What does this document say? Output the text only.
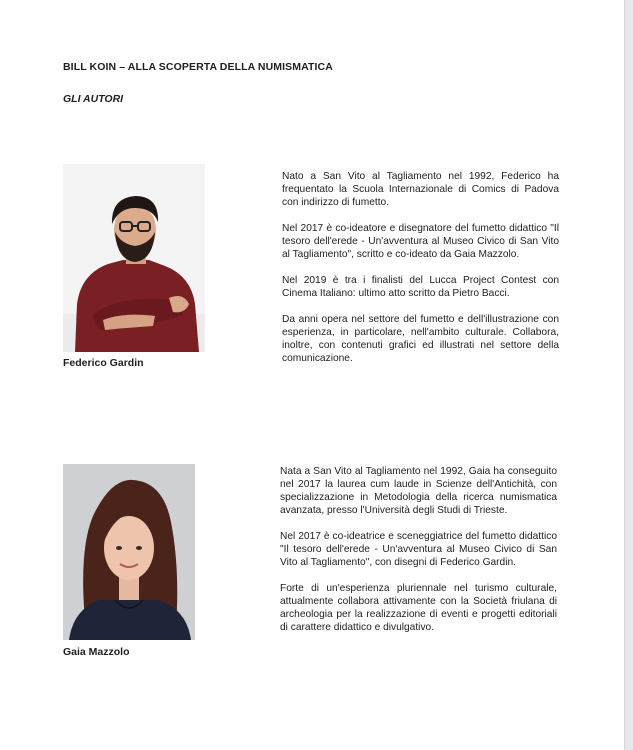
BILL KOIN – ALLA SCOPERTA DELLA NUMISMATICA
GLI AUTORI
Federico Gardin

Nato a San Vito al Tagliamento nel 1992, Federico ha frequentato la Scuola Internazionale di Comics di Padova con indirizzo di fumetto.

Nel 2017 è co-ideatore e disegnatore del fumetto didattico "Il tesoro dell'erede - Un'avventura al Museo Civico di San Vito al Tagliamento", scritto e co-ideato da Gaia Mazzolo.

Nel 2019 è tra i finalisti del Lucca Project Contest con Cinema Italiano: ultimo atto scritto da Pietro Bacci.

Da anni opera nel settore del fumetto e dell'illustrazione con esperienza, in particolare, nell'ambito culturale. Collabora, inoltre, con contenuti grafici ed illustrati nel settore della comunicazione.

Gaia Mazzolo

Nata a San Vito al Tagliamento nel 1992, Gaia ha conseguito nel 2017 la laurea cum laude in Scienze dell'Antichità, con specializzazione in Metodologia della ricerca numismatica avanzata, presso l'Università degli Studi di Trieste.

Nel 2017 è co-ideatrice e sceneggiatrice del fumetto didattico "Il tesoro dell'erede - Un'avventura al Museo Civico di San Vito al Tagliamento", con disegni di Federico Gardin.

Forte di un'esperienza pluriennale nel turismo culturale, attualmente collabora attivamente con la Società friulana di archeologia per la realizzazione di eventi e progetti editoriali di carattere didattico e divulgativo.
